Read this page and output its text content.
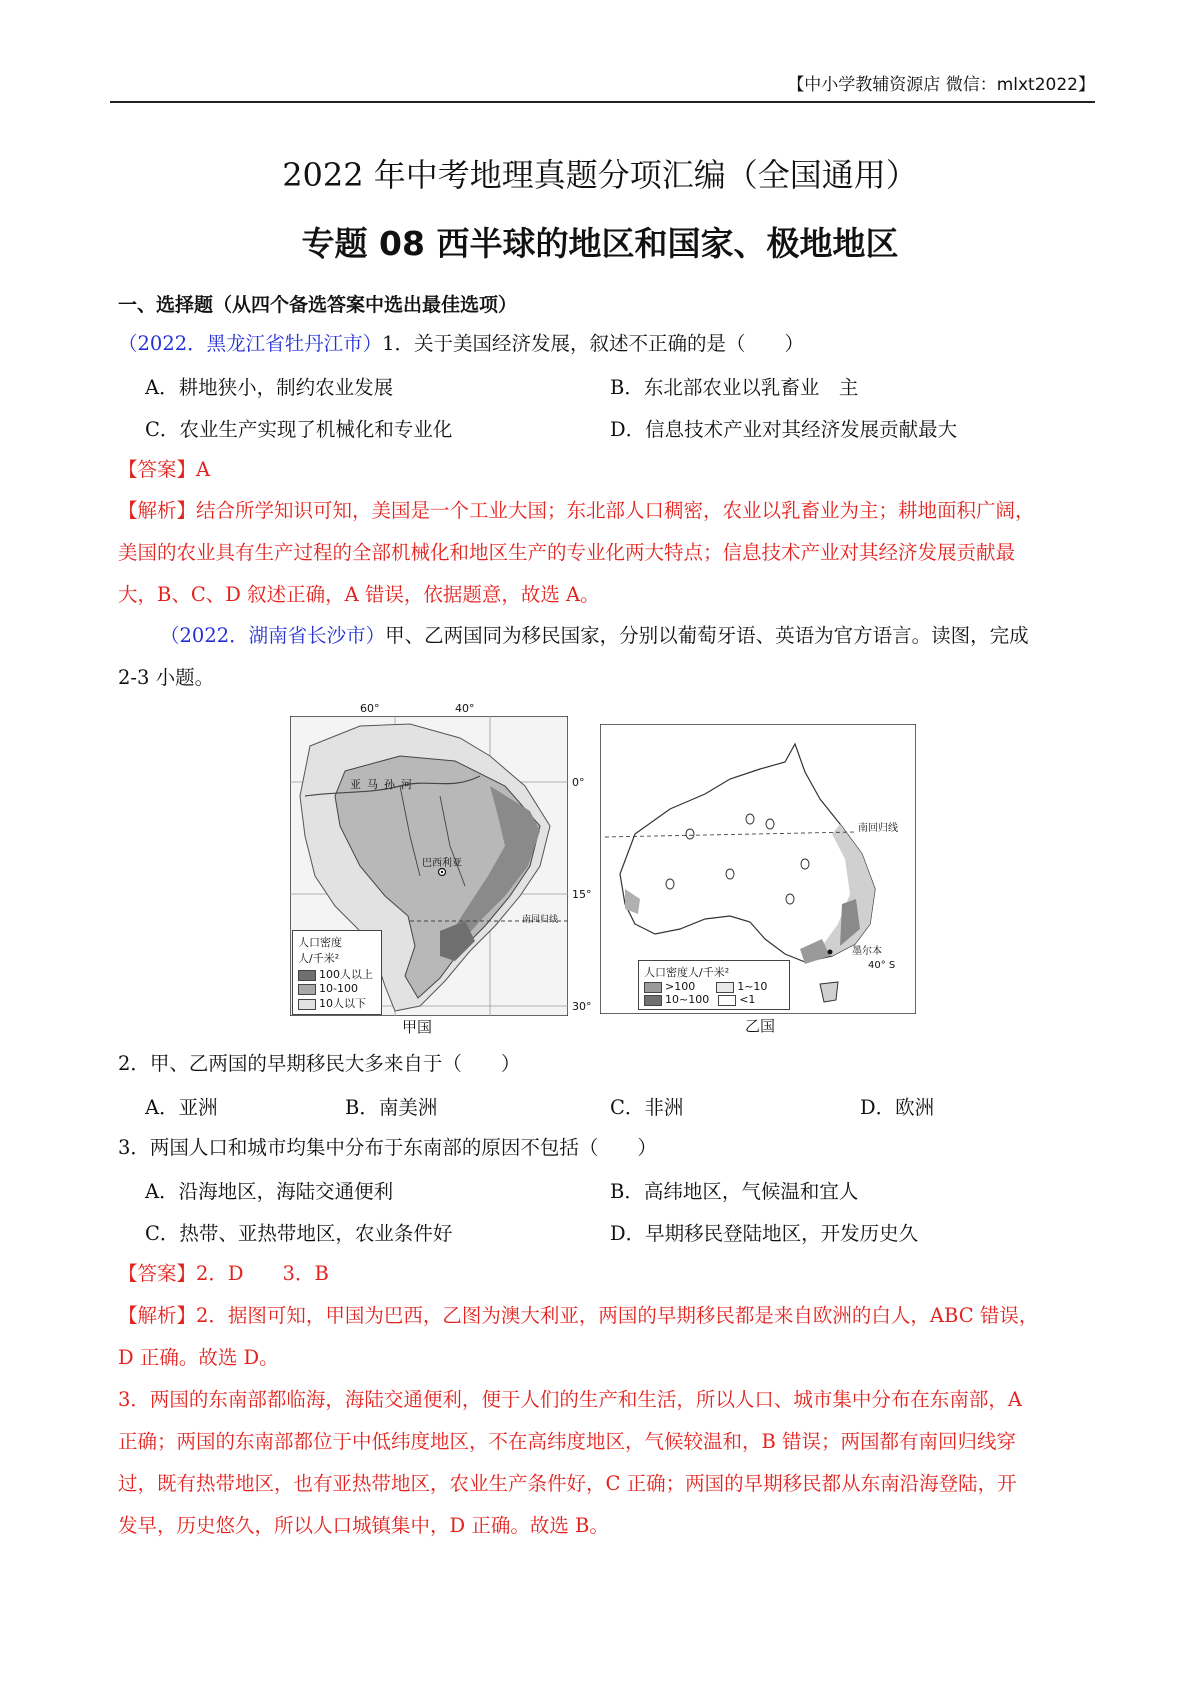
【中小学教辅资源店 微信：mlxt2022】
2022 年中考地理真题分项汇编（全国通用）
专题 08 西半球的地区和国家、极地地区
一、选择题（从四个备选答案中选出最佳选项）
（2022．黑龙江省牡丹江市）1．关于美国经济发展，叙述不正确的是（　　）
A．耕地狭小，制约农业发展	B．东北部农业以乳畜业　主
C．农业生产实现了机械化和专业化	D．信息技术产业对其经济发展贡献最大
【答案】A
【解析】结合所学知识可知，美国是一个工业大国；东北部人口稠密，农业以乳畜业为主；耕地面积广阔，
美国的农业具有生产过程的全部机械化和地区生产的专业化两大特点；信息技术产业对其经济发展贡献最
大，B、C、D 叙述正确，A 错误，依据题意，故选 A。
（2022．湖南省长沙市）甲、乙两国同为移民国家，分别以葡萄牙语、英语为官方语言。读图，完成
2-3 小题。
60°	40°
0°
15°
30°
亚马孙河
巴西利亚
南回归线
人口密度
人/千米²
100人以上
10-100
10人以下
甲国
南回归线
墨尔本
40° S
人口密度人/千米²
>100	1~10
10~100	<1
乙国
2．甲、乙两国的早期移民大多来自于（　　）
A．亚洲	B．南美洲	C．非洲	D．欧洲
3．两国人口和城市均集中分布于东南部的原因不包括（　　）
A．沿海地区，海陆交通便利	B．高纬地区，气候温和宜人
C．热带、亚热带地区，农业条件好	D．早期移民登陆地区，开发历史久
【答案】2．D　　3．B
【解析】2．据图可知，甲国为巴西，乙图为澳大利亚，两国的早期移民都是来自欧洲的白人，ABC 错误，
D 正确。故选 D。
3．两国的东南部都临海，海陆交通便利，便于人们的生产和生活，所以人口、城市集中分布在东南部，A
正确；两国的东南部都位于中低纬度地区，不在高纬度地区，气候较温和，B 错误；两国都有南回归线穿
过，既有热带地区，也有亚热带地区，农业生产条件好，C 正确；两国的早期移民都从东南沿海登陆，开
发早，历史悠久，所以人口城镇集中，D 正确。故选 B。
